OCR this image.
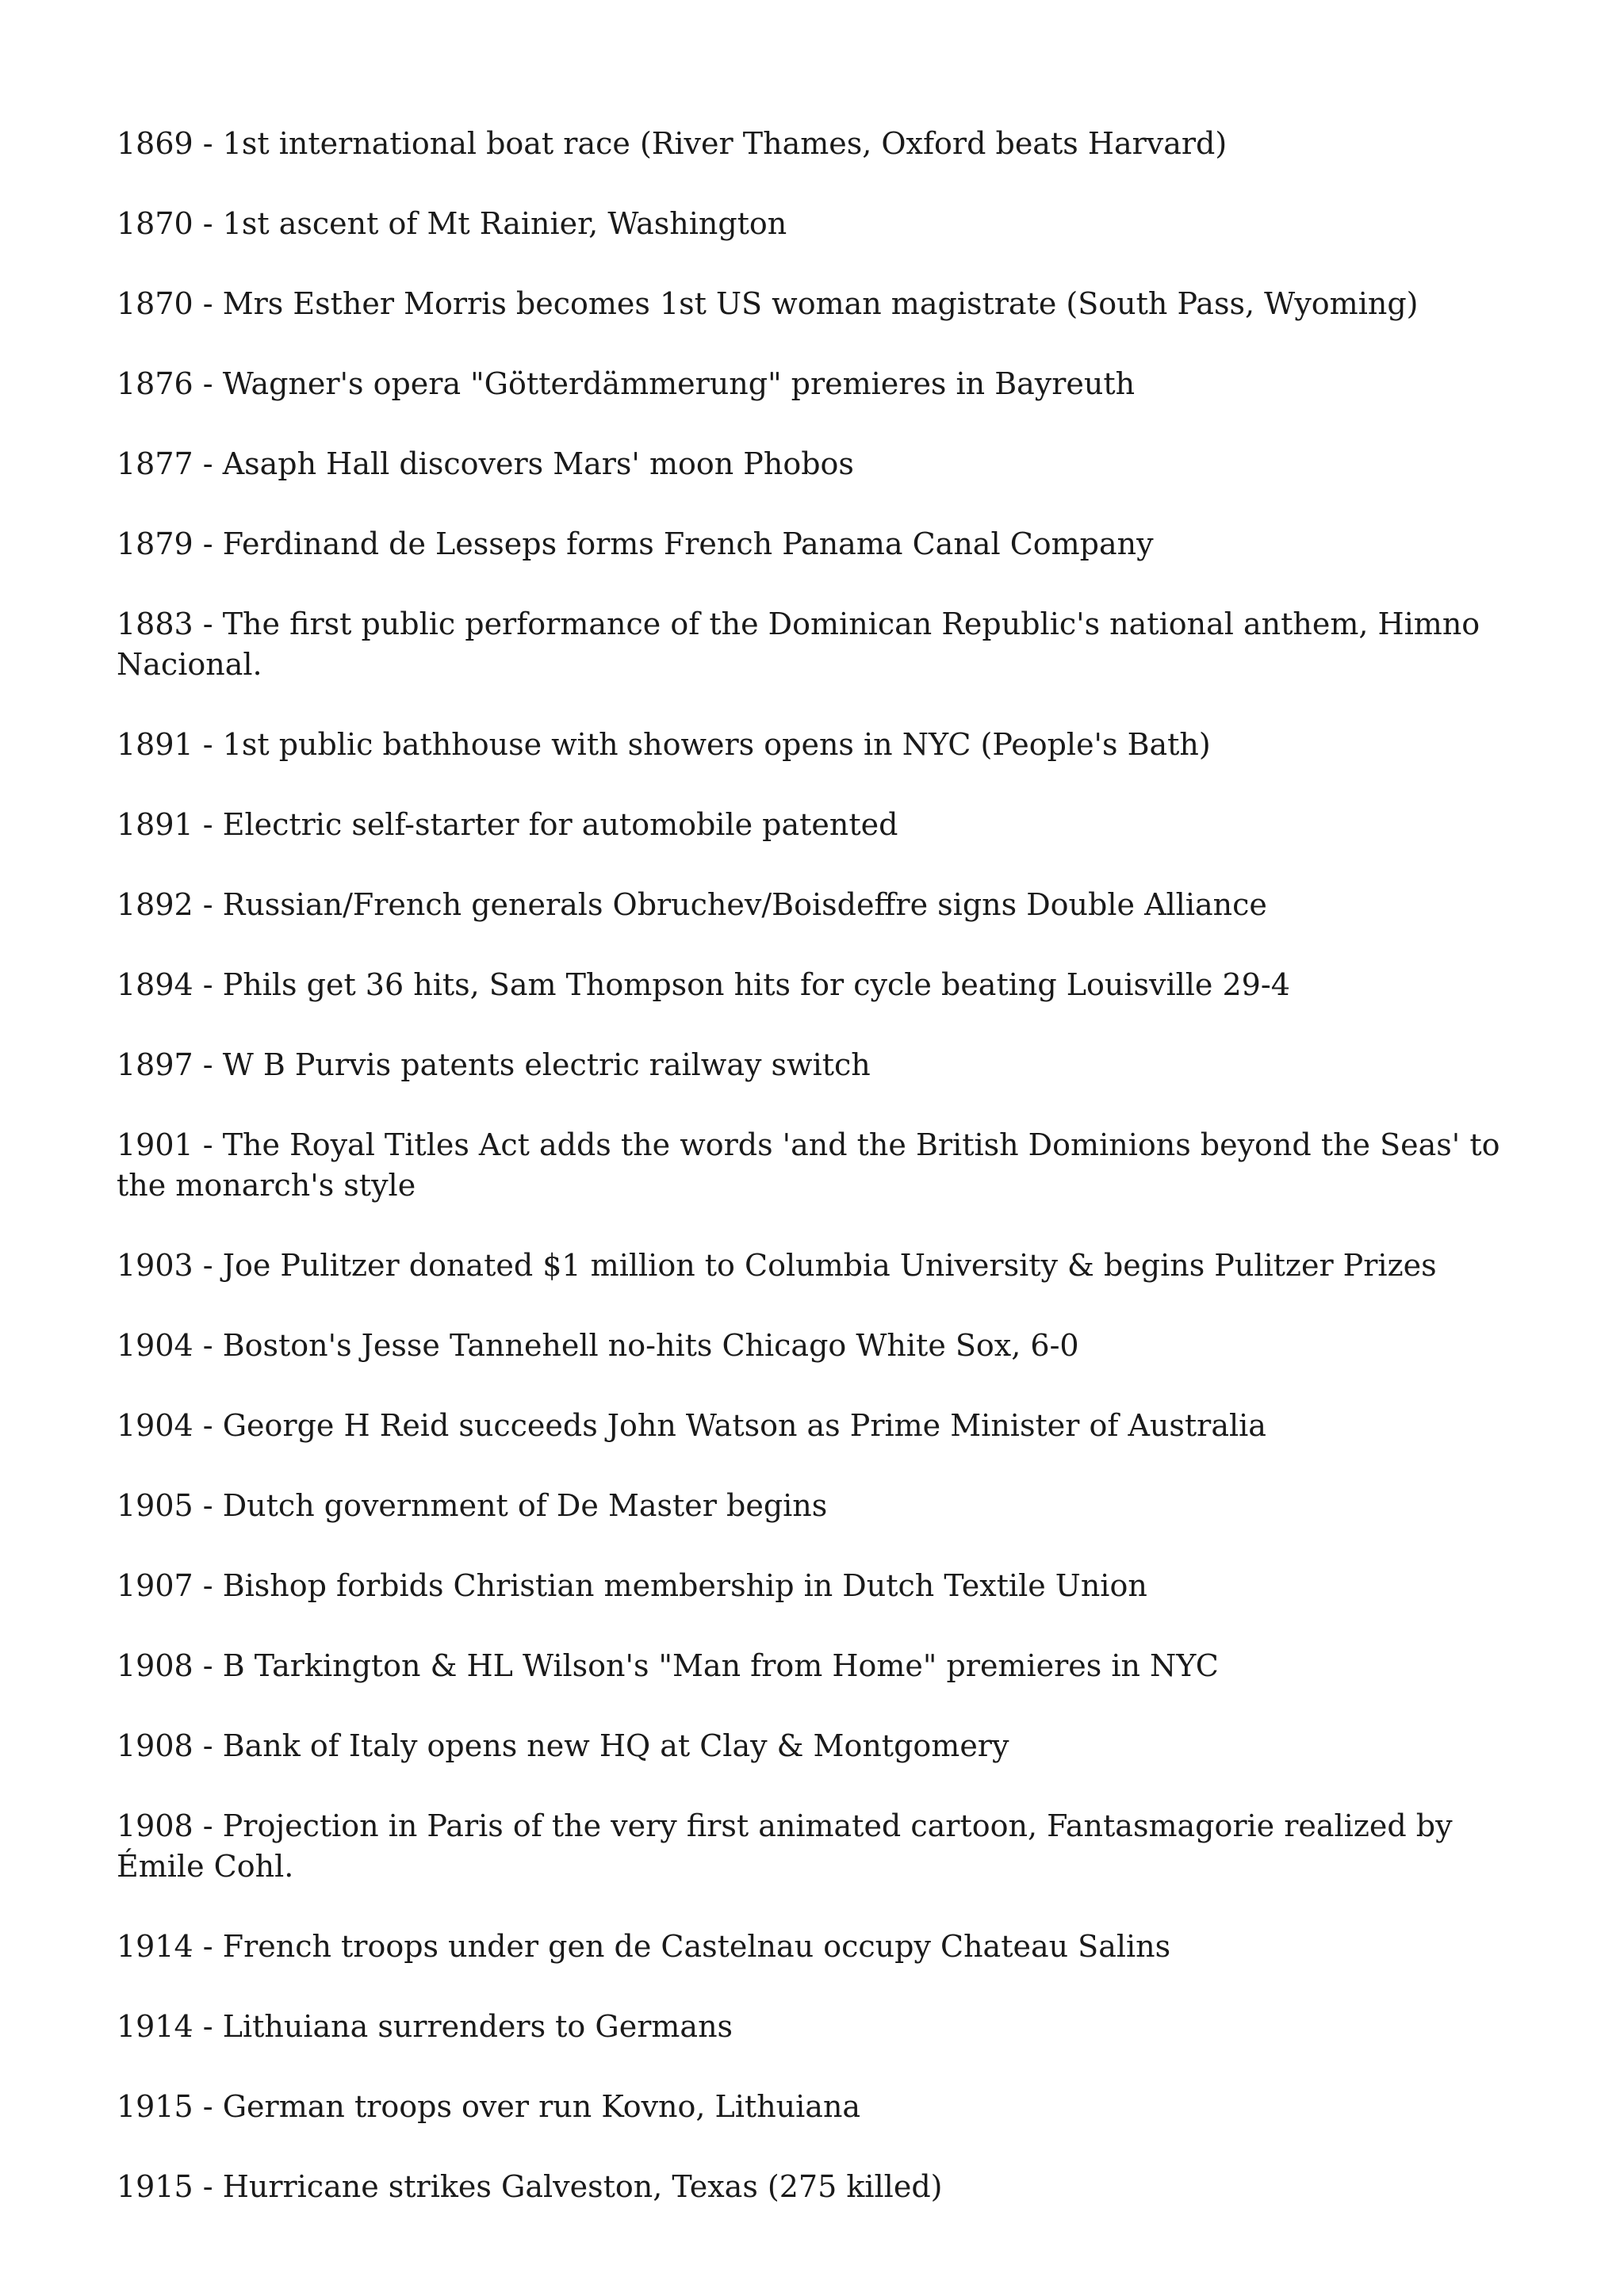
1869 - 1st international boat race (River Thames, Oxford beats Harvard)
1870 - 1st ascent of Mt Rainier, Washington
1870 - Mrs Esther Morris becomes 1st US woman magistrate (South Pass, Wyoming)
1876 - Wagner's opera "Götterdämmerung" premieres in Bayreuth
1877 - Asaph Hall discovers Mars' moon Phobos
1879 - Ferdinand de Lesseps forms French Panama Canal Company
1883 - The first public performance of the Dominican Republic's national anthem, Himno Nacional.
1891 - 1st public bathhouse with showers opens in NYC (People's Bath)
1891 - Electric self-starter for automobile patented
1892 - Russian/French generals Obruchev/Boisdeffre signs Double Alliance
1894 - Phils get 36 hits, Sam Thompson hits for cycle beating Louisville 29-4
1897 - W B Purvis patents electric railway switch
1901 - The Royal Titles Act adds the words 'and the British Dominions beyond the Seas' to the monarch's style
1903 - Joe Pulitzer donated $1 million to Columbia University & begins Pulitzer Prizes
1904 - Boston's Jesse Tannehell no-hits Chicago White Sox, 6-0
1904 - George H Reid succeeds John Watson as Prime Minister of Australia
1905 - Dutch government of De Master begins
1907 - Bishop forbids Christian membership in Dutch Textile Union
1908 - B Tarkington & HL Wilson's "Man from Home" premieres in NYC
1908 - Bank of Italy opens new HQ at Clay & Montgomery
1908 - Projection in Paris of the very first animated cartoon, Fantasmagorie realized by Émile Cohl.
1914 - French troops under gen de Castelnau occupy Chateau Salins
1914 - Lithuiana surrenders to Germans
1915 - German troops over run Kovno, Lithuiana
1915 - Hurricane strikes Galveston, Texas (275 killed)
